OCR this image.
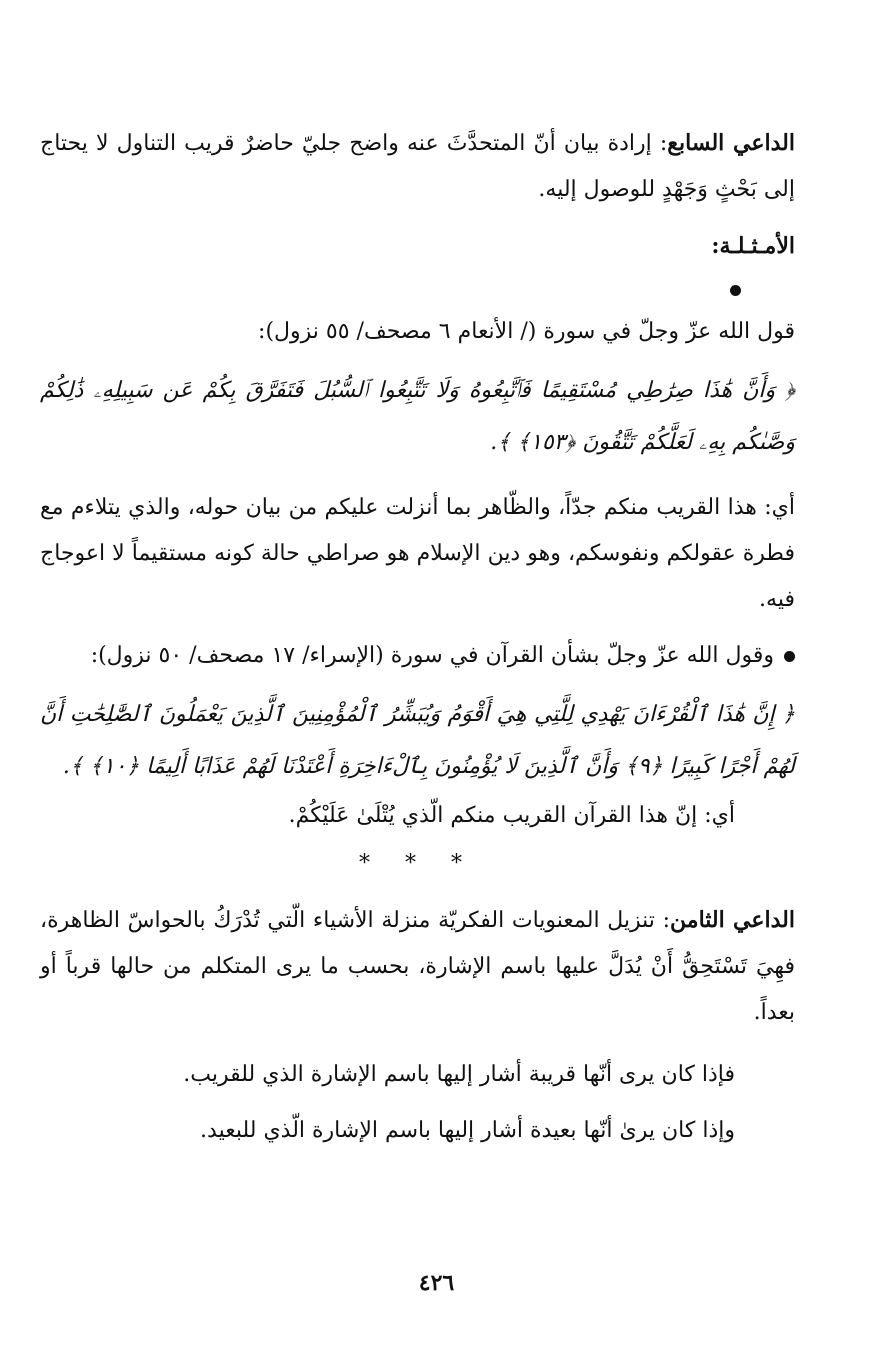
الداعي السابع: إرادة بيان أنّ المتحدَّثَ عنه واضح جليّ حاضرٌ قريب التناول لا يحتاج إلى بَحْثٍ وَجَهْدٍ للوصول إليه.

الأمـثـلـة:

قول الله عزّ وجلّ في سورة (/ الأنعام ٦ مصحف/ ٥٥ نزول):

﴿ وَأَنَّ هَٰذَا صِرَٰطِي مُسْتَقِيمًا فَٱتَّبِعُوهُ وَلَا تَتَّبِعُوا ٱلسُّبُلَ فَتَفَرَّقَ بِكُمْ عَن سَبِيلِهِۦ ذَٰلِكُمْ وَصَّىٰكُم بِهِۦ لَعَلَّكُمْ تَتَّقُونَ ﴿١٥٣﴾ ﴾.

أي: هذا القريب منكم جدّاً، والظّاهر بما أنزلت عليكم من بيان حوله، والذي يتلاءم مع فطرة عقولكم ونفوسكم، وهو دين الإسلام هو صراطي حالة كونه مستقيماً لا اعوجاج فيه.

وقول الله عزّ وجلّ بشأن القرآن في سورة (الإسراء/ ١٧ مصحف/ ٥٠ نزول):

﴿ إِنَّ هَٰذَا ٱلْقُرْءَانَ يَهْدِي لِلَّتِي هِيَ أَقْوَمُ وَيُبَشِّرُ ٱلْمُؤْمِنِينَ ٱلَّذِينَ يَعْمَلُونَ ٱلصَّٰلِحَٰتِ أَنَّ لَهُمْ أَجْرًا كَبِيرًا ﴿٩﴾ وَأَنَّ ٱلَّذِينَ لَا يُؤْمِنُونَ بِٱلْءَاخِرَةِ أَعْتَدْنَا لَهُمْ عَذَابًا أَلِيمًا ﴿١٠﴾ ﴾.

أي: إنّ هذا القرآن القريب منكم الّذي يُتْلَىٰ عَلَيْكُمْ.

* * *

الداعي الثامن: تنزيل المعنويات الفكريّة منزلة الأشياء الّتي تُدْرَكُ بالحواسّ الظاهرة، فهِيَ تَسْتَحِقُّ أَنْ يُدَلَّ عليها باسم الإشارة، بحسب ما يرى المتكلم من حالها قرباً أو بعداً.

فإذا كان يرى أنّها قريبة أشار إليها باسم الإشارة الذي للقريب.

وإذا كان يرىٰ أنّها بعيدة أشار إليها باسم الإشارة الّذي للبعيد.

٤٢٦
